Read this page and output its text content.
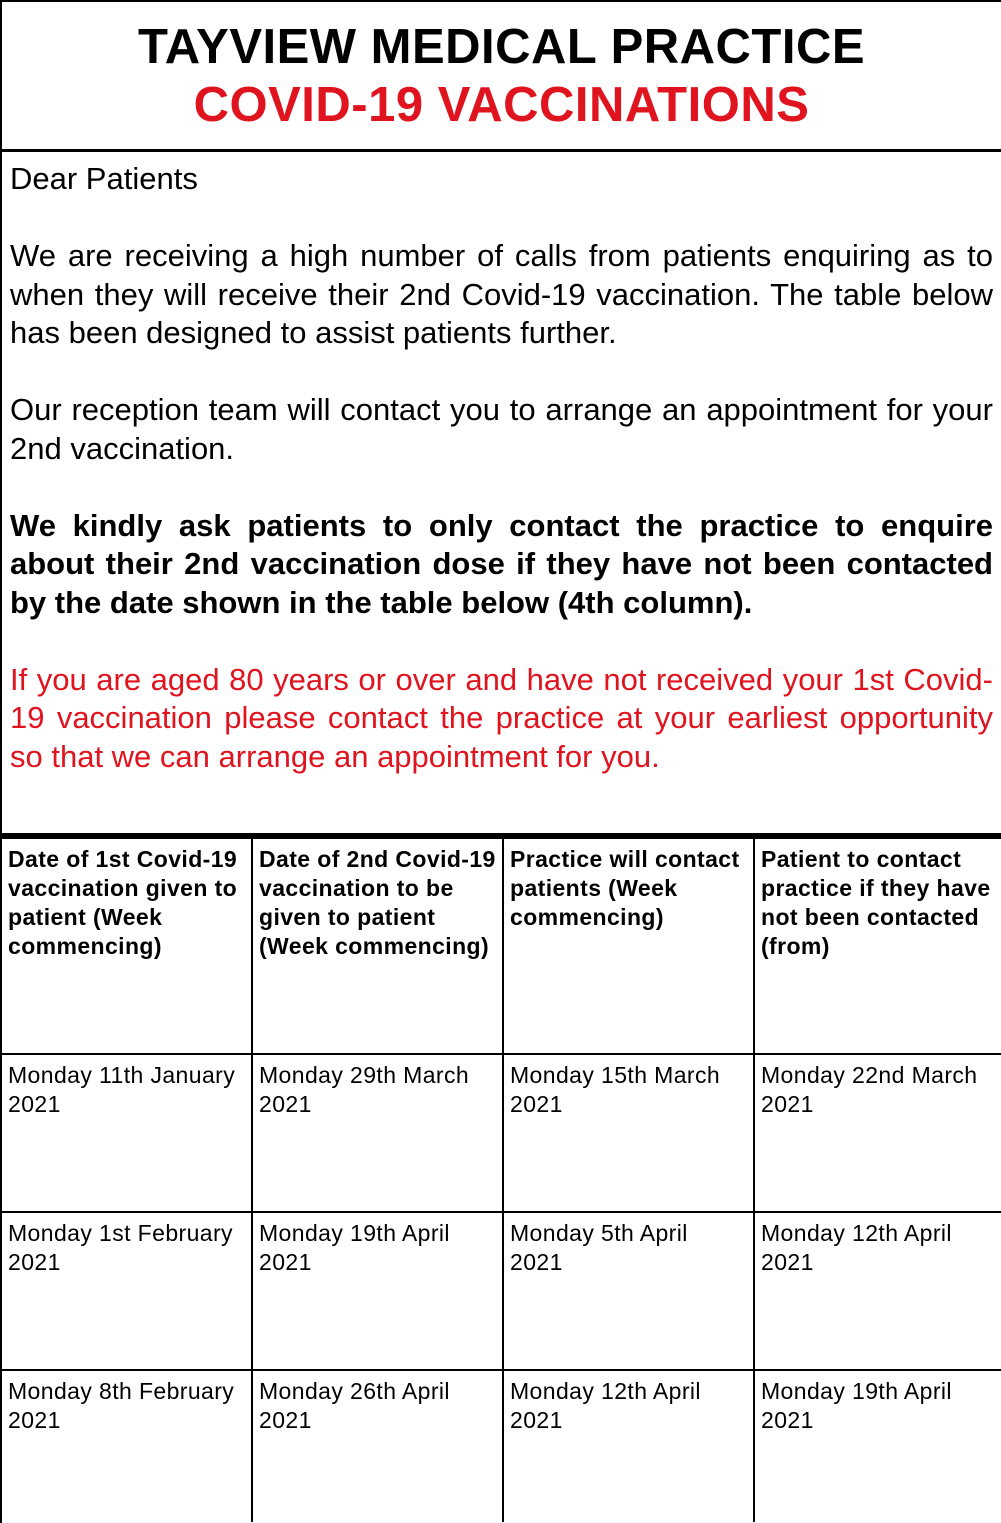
TAYVIEW MEDICAL PRACTICE
COVID-19 VACCINATIONS

Dear Patients

We are receiving a high number of calls from patients enquiring as to when they will receive their 2nd Covid-19 vaccination. The table below has been designed to assist patients further.

Our reception team will contact you to arrange an appointment for your 2nd vaccination.

We kindly ask patients to only contact the practice to enquire about their 2nd vaccination dose if they have not been contacted by the date shown in the table below (4th column).

If you are aged 80 years or over and have not received your 1st Covid-19 vaccination please contact the practice at your earliest opportunity so that we can arrange an appointment for you.

Date of 1st Covid-19 vaccination given to patient (Week commencing)	Date of 2nd Covid-19 vaccination to be given to patient (Week commencing)	Practice will contact patients (Week commencing)	Patient to contact practice if they have not been contacted (from)
Monday 11th January 2021	Monday 29th March 2021	Monday 15th March 2021	Monday 22nd March 2021
Monday 1st February 2021	Monday 19th April 2021	Monday 5th April 2021	Monday 12th April 2021
Monday 8th February 2021	Monday 26th April 2021	Monday 12th April 2021	Monday 19th April 2021
